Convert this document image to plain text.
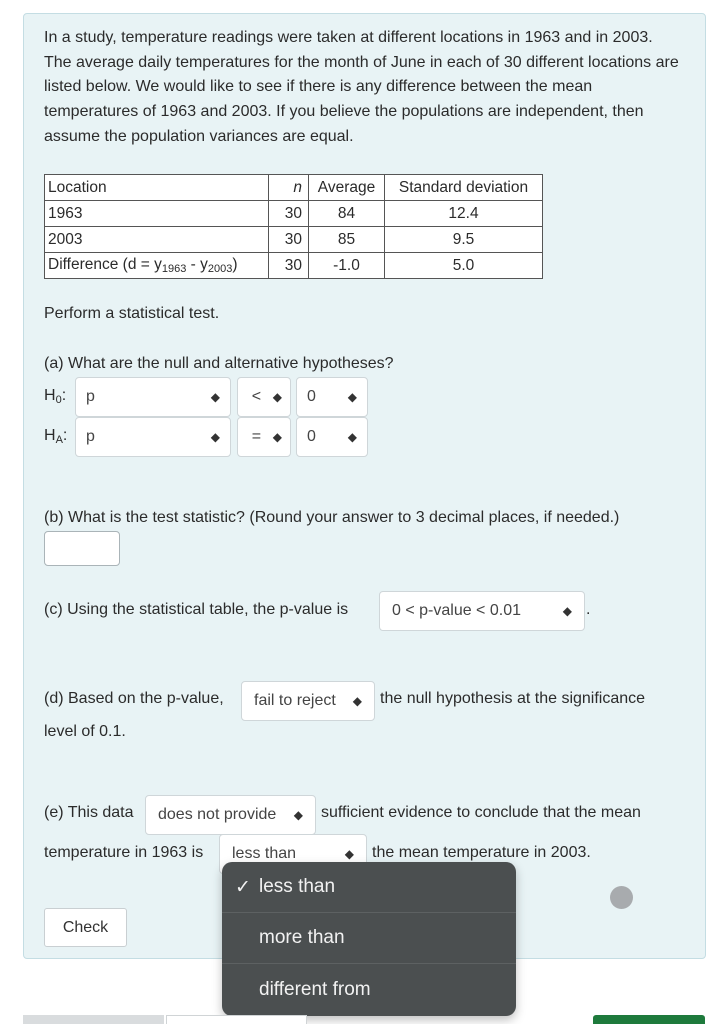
In a study, temperature readings were taken at different locations in 1963 and in 2003. The average daily temperatures for the month of June in each of 30 different locations are listed below. We would like to see if there is any difference between the mean temperatures of 1963 and 2003. If you believe the populations are independent, then assume the population variances are equal.

Location	n	Average	Standard deviation
1963	30	84	12.4
2003	30	85	9.5
Difference $(d = y_{1963} - y_{2003})$	30	-1.0	5.0
Perform a statistical test.
(a) What are the null and alternative hypotheses?
$H_0$: p	◆	< ◆ 0	◆
$H_A$: p	◆	= ◆ 0	◆
(b) What is the test statistic? (Round your answer to 3 decimal places, if needed.)
(c) Using the statistical table, the p-value is	0 < p-value < 0.01	◆ .
(d) Based on the p-value, fail to reject	◆ the null hypothesis at the significance
level of 0.1.
(e) This data does not provide	◆ sufficient evidence to conclude that the mean
temperature in 1963 is less than	◆ the mean temperature in 2003.
Check
✓ less than
more than
different from
